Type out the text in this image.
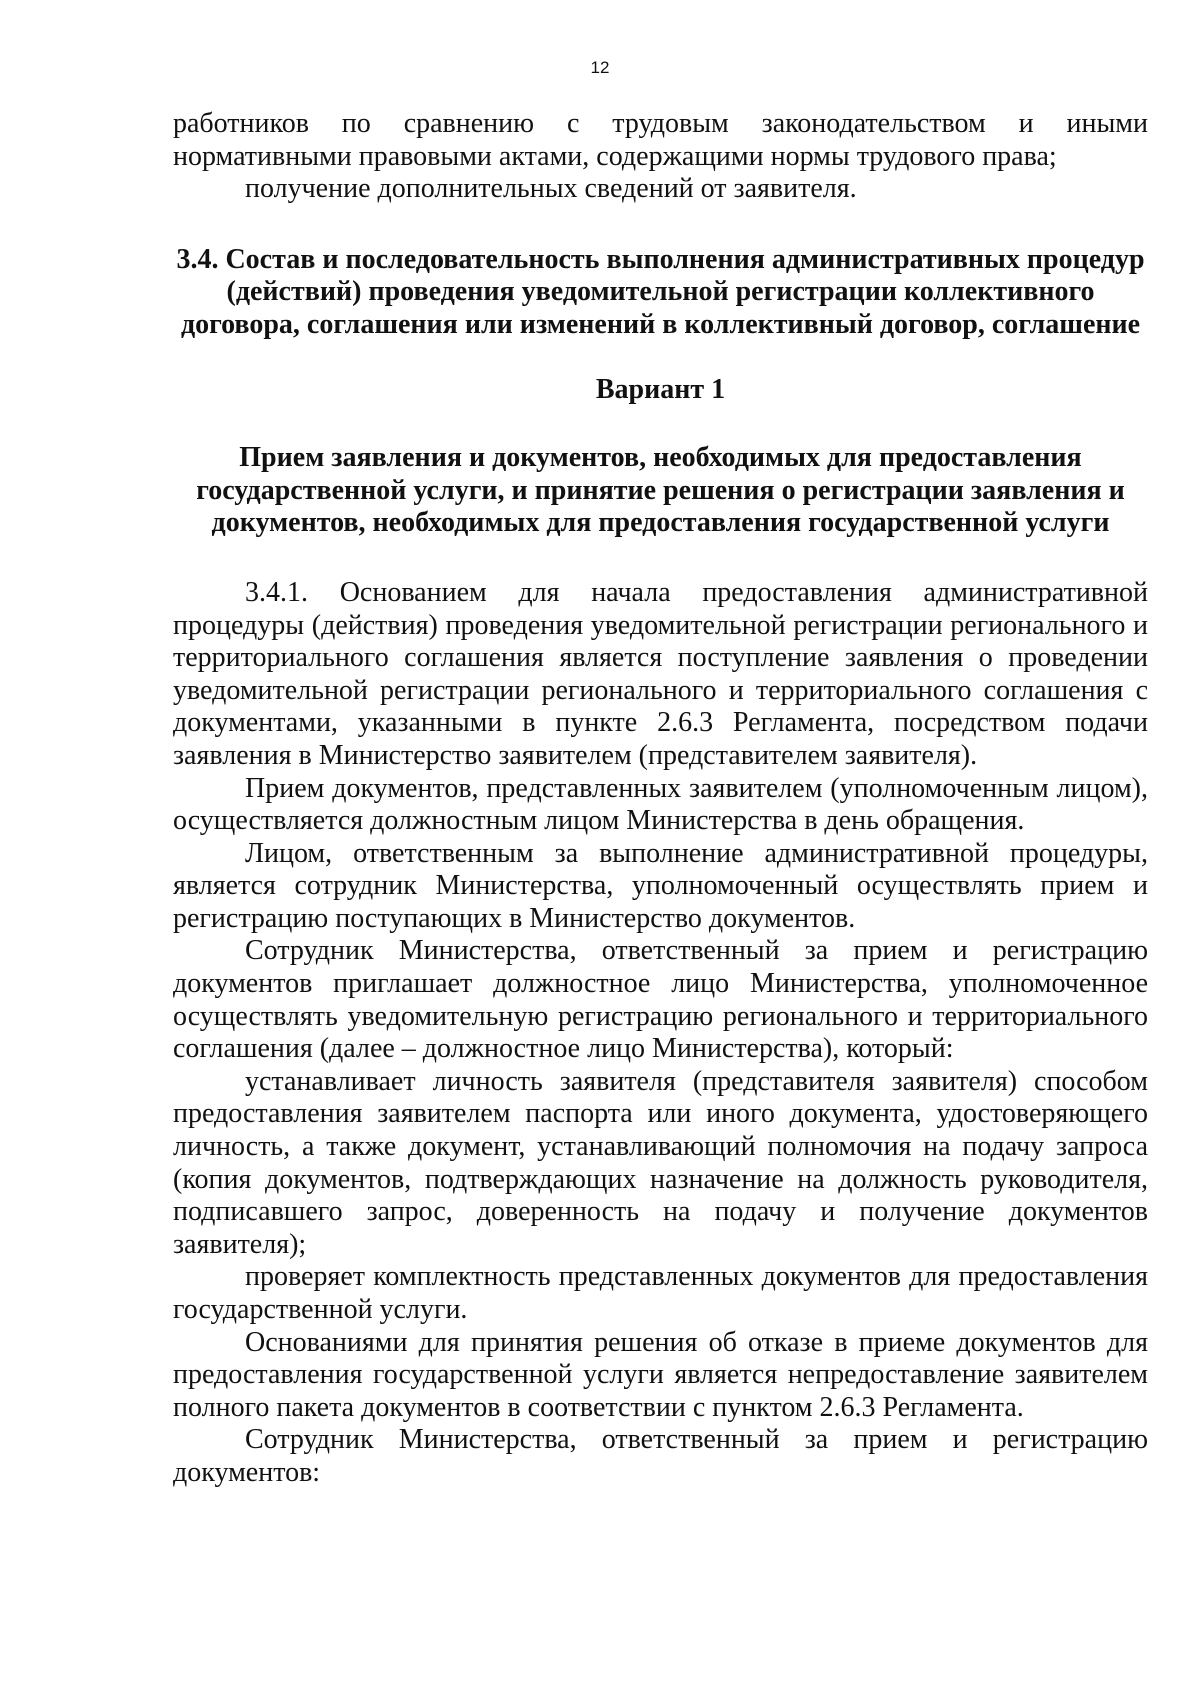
12

работников по сравнению с трудовым законодательством и иными нормативными правовыми актами, содержащими нормы трудового права;

получение дополнительных сведений от заявителя.

3.4. Состав и последовательность выполнения административных процедур (действий) проведения уведомительной регистрации коллективного договора, соглашения или изменений в коллективный договор, соглашение

Вариант 1

Прием заявления и документов, необходимых для предоставления государственной услуги, и принятие решения о регистрации заявления и документов, необходимых для предоставления государственной услуги

3.4.1. Основанием для начала предоставления административной процедуры (действия) проведения уведомительной регистрации регионального и территориального соглашения является поступление заявления о проведении уведомительной регистрации регионального и территориального соглашения с документами, указанными в пункте 2.6.3 Регламента, посредством подачи заявления в Министерство заявителем (представителем заявителя).

Прием документов, представленных заявителем (уполномоченным лицом), осуществляется должностным лицом Министерства в день обращения.

Лицом, ответственным за выполнение административной процедуры, является сотрудник Министерства, уполномоченный осуществлять прием и регистрацию поступающих в Министерство документов.

Сотрудник Министерства, ответственный за прием и регистрацию документов приглашает должностное лицо Министерства, уполномоченное осуществлять уведомительную регистрацию регионального и территориального соглашения (далее – должностное лицо Министерства), который:

устанавливает личность заявителя (представителя заявителя) способом предоставления заявителем паспорта или иного документа, удостоверяющего личность, а также документ, устанавливающий полномочия на подачу запроса (копия документов, подтверждающих назначение на должность руководителя, подписавшего запрос, доверенность на подачу и получение документов заявителя);

проверяет комплектность представленных документов для предоставления государственной услуги.

Основаниями для принятия решения об отказе в приеме документов для предоставления государственной услуги является непредоставление заявителем полного пакета документов в соответствии с пунктом 2.6.3 Регламента.

Сотрудник Министерства, ответственный за прием и регистрацию документов:
